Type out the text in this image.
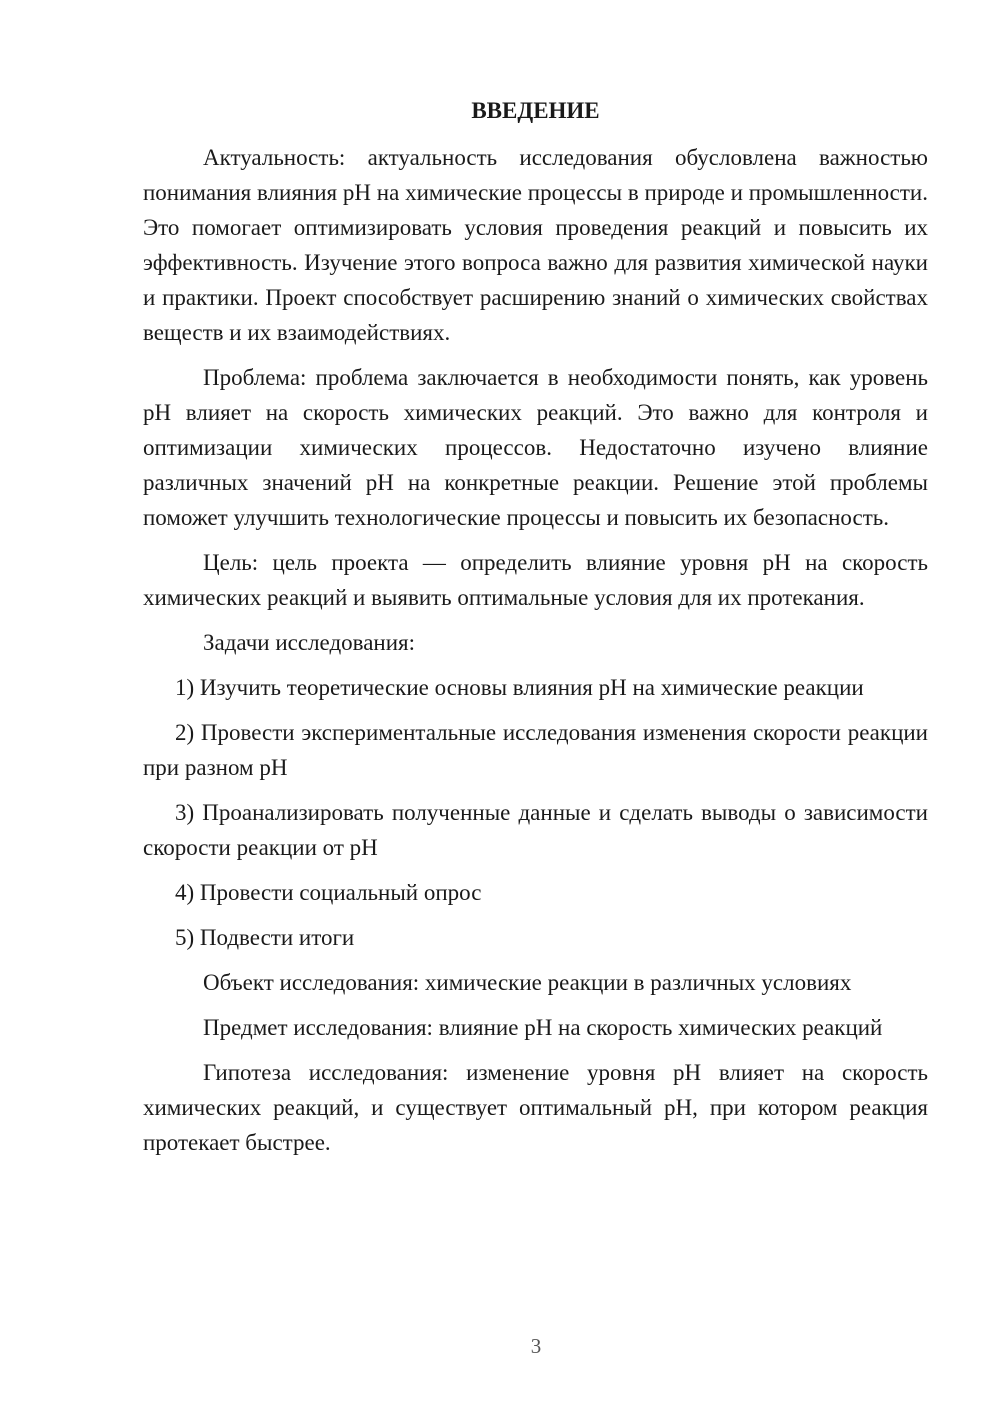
ВВЕДЕНИЕ

Актуальность: актуальность исследования обусловлена важностью понимания влияния pH на химические процессы в природе и промышленности. Это помогает оптимизировать условия проведения реакций и повысить их эффективность. Изучение этого вопроса важно для развития химической науки и практики. Проект способствует расширению знаний о химических свойствах веществ и их взаимодействиях.

Проблема: проблема заключается в необходимости понять, как уровень pH влияет на скорость химических реакций. Это важно для контроля и оптимизации химических процессов. Недостаточно изучено влияние различных значений pH на конкретные реакции. Решение этой проблемы поможет улучшить технологические процессы и повысить их безопасность.

Цель: цель проекта — определить влияние уровня pH на скорость химических реакций и выявить оптимальные условия для их протекания.

Задачи исследования:

1) Изучить теоретические основы влияния pH на химические реакции

2) Провести экспериментальные исследования изменения скорости реакции при разном pH

3) Проанализировать полученные данные и сделать выводы о зависимости скорости реакции от pH

4) Провести социальный опрос

5) Подвести итоги

Объект исследования: химические реакции в различных условиях

Предмет исследования: влияние pH на скорость химических реакций

Гипотеза исследования: изменение уровня pH влияет на скорость химических реакций, и существует оптимальный pH, при котором реакция протекает быстрее.

3
